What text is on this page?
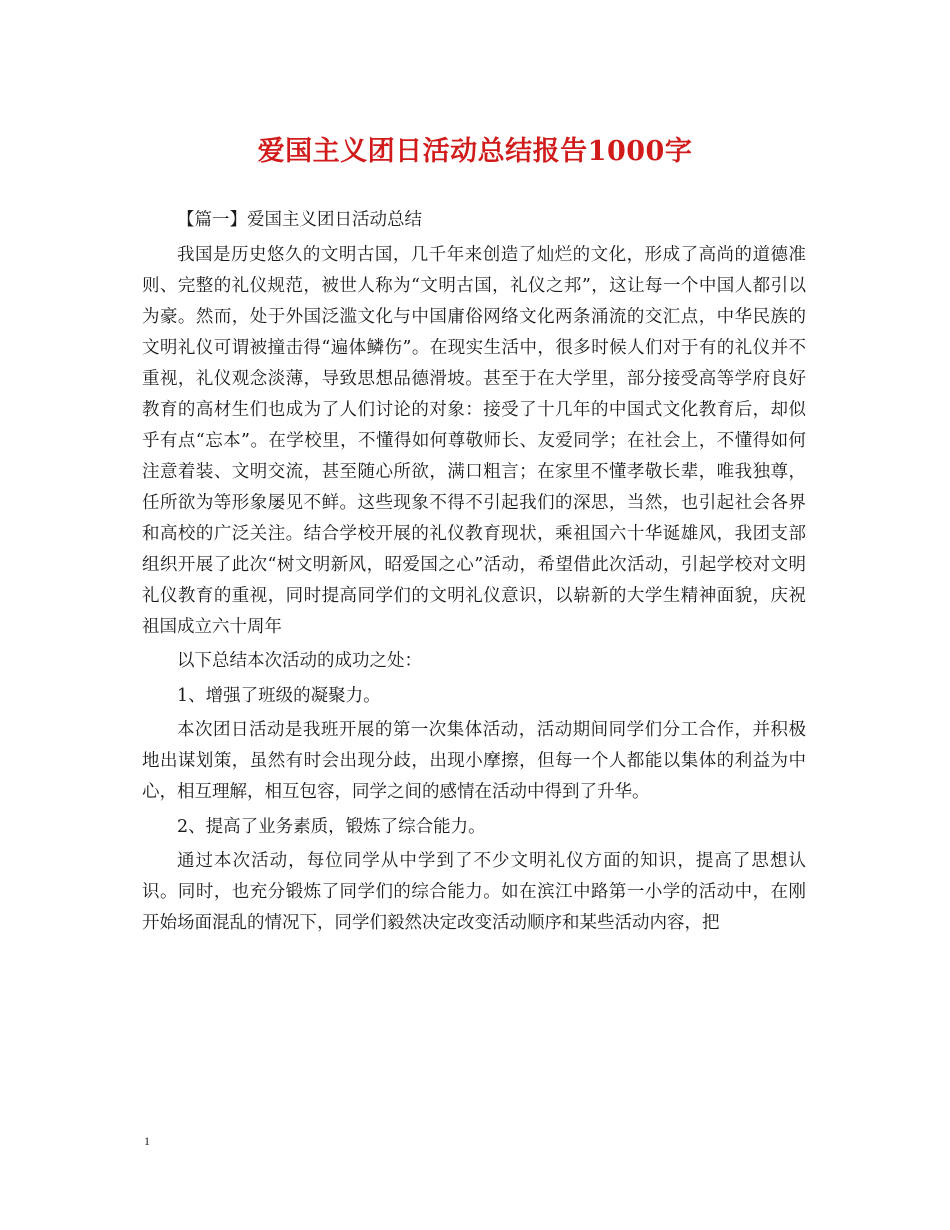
爱国主义团日活动总结报告1000字

【篇一】爱国主义团日活动总结

我国是历史悠久的文明古国，几千年来创造了灿烂的文化，形成了高尚的道德准则、完整的礼仪规范，被世人称为“文明古国，礼仪之邦”，这让每一个中国人都引以为豪。然而，处于外国泛滥文化与中国庸俗网络文化两条涌流的交汇点，中华民族的文明礼仪可谓被撞击得“遍体鳞伤”。在现实生活中，很多时候人们对于有的礼仪并不重视，礼仪观念淡薄，导致思想品德滑坡。甚至于在大学里，部分接受高等学府良好教育的高材生们也成为了人们讨论的对象：接受了十几年的中国式文化教育后，却似乎有点“忘本”。在学校里，不懂得如何尊敬师长、友爱同学；在社会上，不懂得如何注意着装、文明交流，甚至随心所欲，满口粗言；在家里不懂孝敬长辈，唯我独尊，任所欲为等形象屡见不鲜。这些现象不得不引起我们的深思，当然，也引起社会各界和高校的广泛关注。结合学校开展的礼仪教育现状，乘祖国六十华诞雄风，我团支部组织开展了此次“树文明新风，昭爱国之心”活动，希望借此次活动，引起学校对文明礼仪教育的重视，同时提高同学们的文明礼仪意识，以崭新的大学生精神面貌，庆祝祖国成立六十周年

以下总结本次活动的成功之处：

1、增强了班级的凝聚力。

本次团日活动是我班开展的第一次集体活动，活动期间同学们分工合作，并积极地出谋划策，虽然有时会出现分歧，出现小摩擦，但每一个人都能以集体的利益为中心，相互理解，相互包容，同学之间的感情在活动中得到了升华。

2、提高了业务素质，锻炼了综合能力。

通过本次活动，每位同学从中学到了不少文明礼仪方面的知识，提高了思想认识。同时，也充分锻炼了同学们的综合能力。如在滨江中路第一小学的活动中，在刚开始场面混乱的情况下，同学们毅然决定改变活动顺序和某些活动内容，把

1
